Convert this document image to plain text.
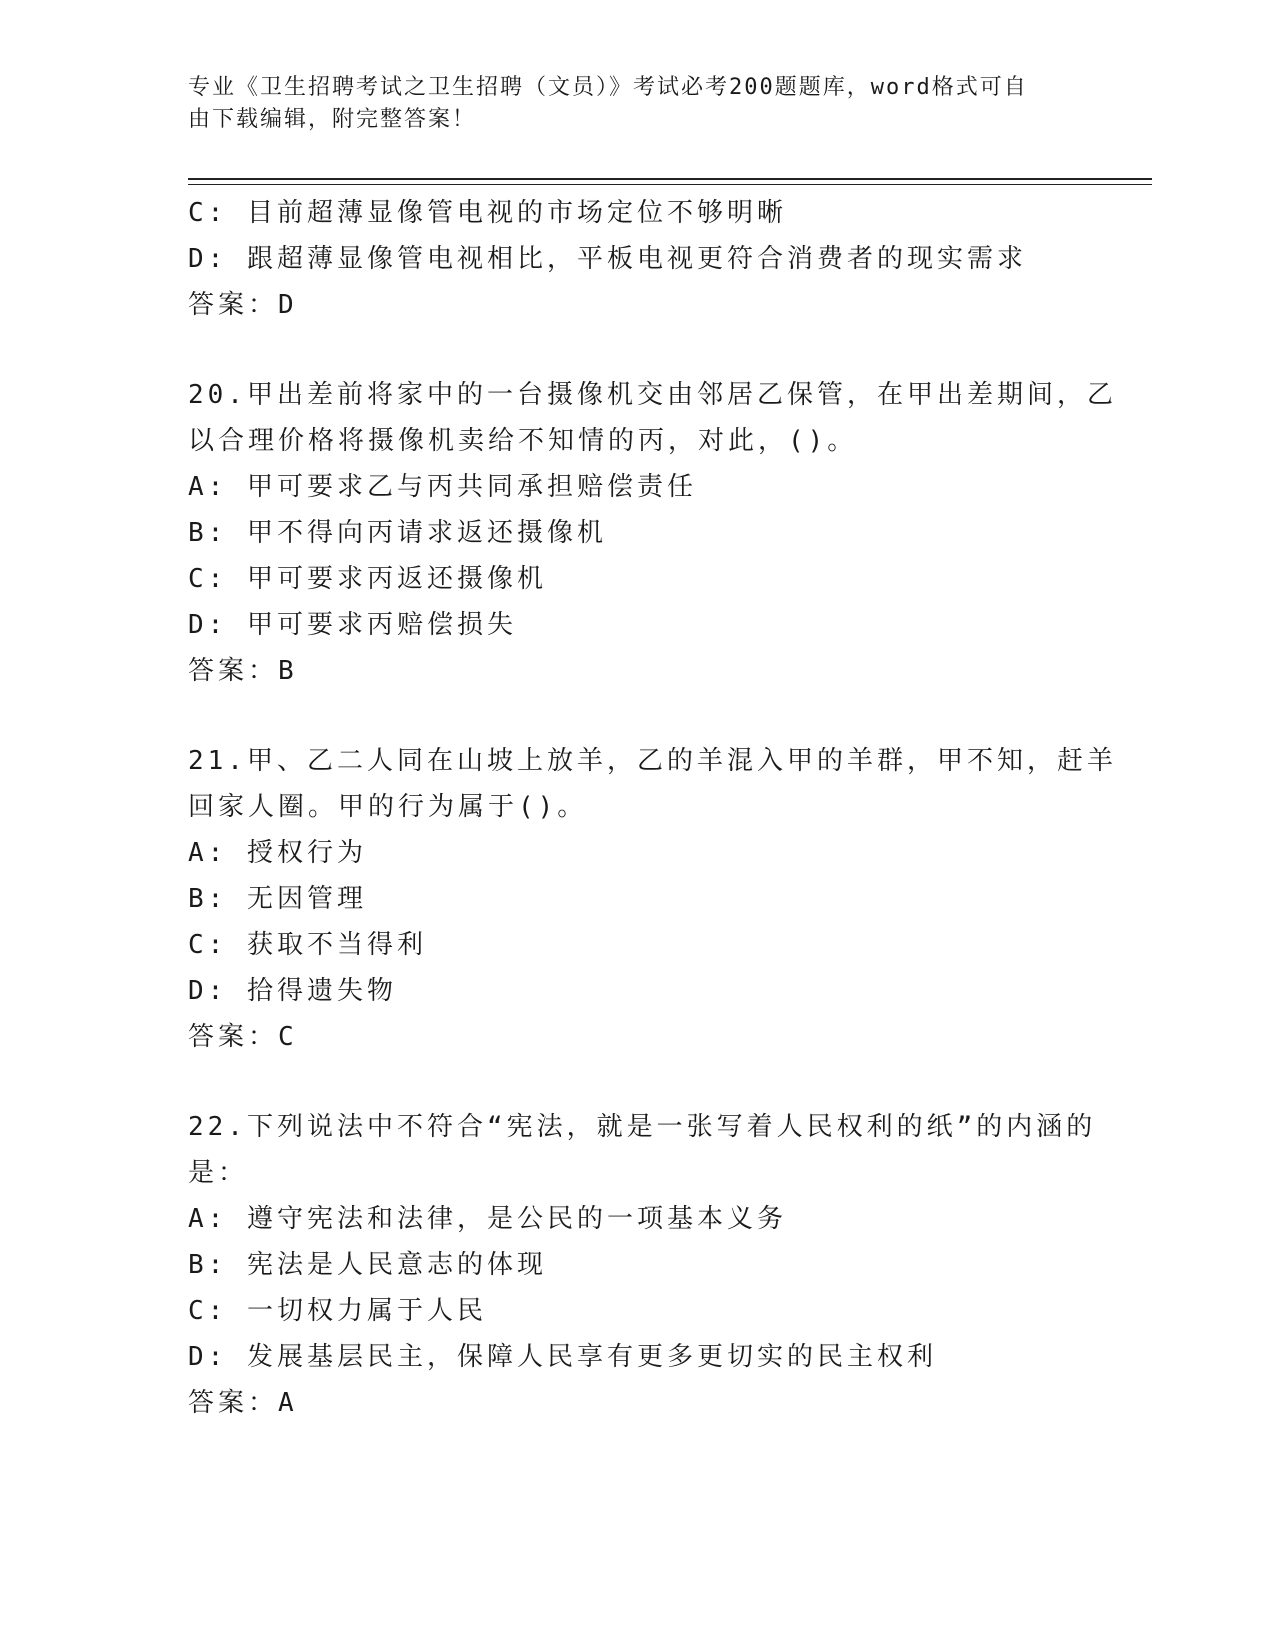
专业《卫生招聘考试之卫生招聘（文员）》考试必考200题题库，word格式可自
由下载编辑，附完整答案！
C: 目前超薄显像管电视的市场定位不够明晰
D: 跟超薄显像管电视相比，平板电视更符合消费者的现实需求
答案：D
20.甲出差前将家中的一台摄像机交由邻居乙保管，在甲出差期间，乙
以合理价格将摄像机卖给不知情的丙，对此，()。
A: 甲可要求乙与丙共同承担赔偿责任
B: 甲不得向丙请求返还摄像机
C: 甲可要求丙返还摄像机
D: 甲可要求丙赔偿损失
答案：B
21.甲、乙二人同在山坡上放羊，乙的羊混入甲的羊群，甲不知，赶羊
回家人圈。甲的行为属于()。
A: 授权行为
B: 无因管理
C: 获取不当得利
D: 拾得遗失物
答案：C
22.下列说法中不符合“宪法，就是一张写着人民权利的纸”的内涵的
是：
A: 遵守宪法和法律，是公民的一项基本义务
B: 宪法是人民意志的体现
C: 一切权力属于人民
D: 发展基层民主，保障人民享有更多更切实的民主权利
答案：A
